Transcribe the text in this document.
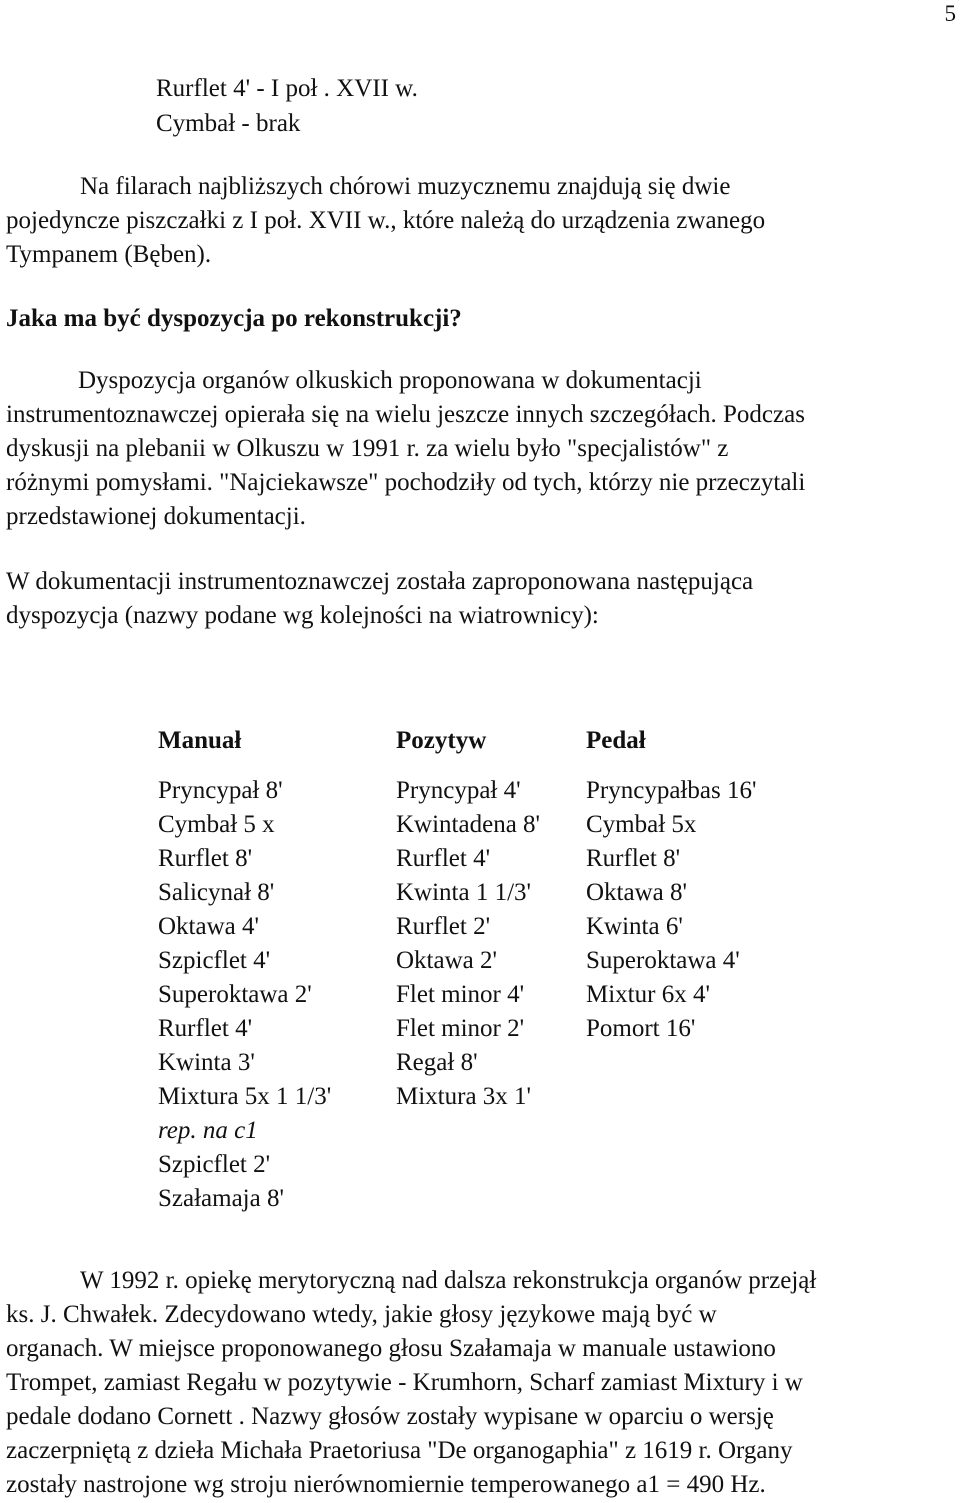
5
Rurflet 4' - I poł . XVII w.
Cymbał - brak
Na filarach najbliższych chórowi muzycznemu znajdują się dwie
pojedyncze piszczałki z I poł. XVII w., które należą do urządzenia zwanego
Tympanem (Bęben).
Jaka ma być dyspozycja po rekonstrukcji?
Dyspozycja organów olkuskich proponowana w dokumentacji
instrumentoznawczej opierała się na wielu jeszcze innych szczegółach. Podczas
dyskusji na plebanii w Olkuszu w 1991 r. za wielu było "specjalistów" z
różnymi pomysłami. "Najciekawsze" pochodziły od tych, którzy nie przeczytali
przedstawionej dokumentacji.
W dokumentacji instrumentoznawczej została zaproponowana następująca
dyspozycja (nazwy podane wg kolejności na wiatrownicy):
Manuał
Pryncypał 8'
Cymbał 5 x
Rurflet 8'
Salicynał 8'
Oktawa 4'
Szpicflet 4'
Superoktawa 2'
Rurflet 4'
Kwinta 3'
Mixtura 5x 1 1/3'
rep. na c1
Szpicflet 2'
Szałamaja 8'
Pozytyw
Pryncypał 4'
Kwintadena 8'
Rurflet 4'
Kwinta 1 1/3'
Rurflet 2'
Oktawa 2'
Flet minor 4'
Flet minor 2'
Regał 8'
Mixtura 3x 1'
Pedał
Pryncypałbas 16'
Cymbał 5x
Rurflet 8'
Oktawa 8'
Kwinta 6'
Superoktawa 4'
Mixtur 6x 4'
Pomort 16'
W 1992 r. opiekę merytoryczną nad dalsza rekonstrukcja organów przejął
ks. J. Chwałek. Zdecydowano wtedy, jakie głosy językowe mają być w
organach. W miejsce proponowanego głosu Szałamaja w manuale ustawiono
Trompet, zamiast Regału w pozytywie - Krumhorn, Scharf zamiast Mixtury i w
pedale dodano Cornett . Nazwy głosów zostały wypisane w oparciu o wersję
zaczerpniętą z dzieła Michała Praetoriusa "De organogaphia" z 1619 r. Organy
zostały nastrojone wg stroju nierównomiernie temperowanego a1 = 490 Hz.
